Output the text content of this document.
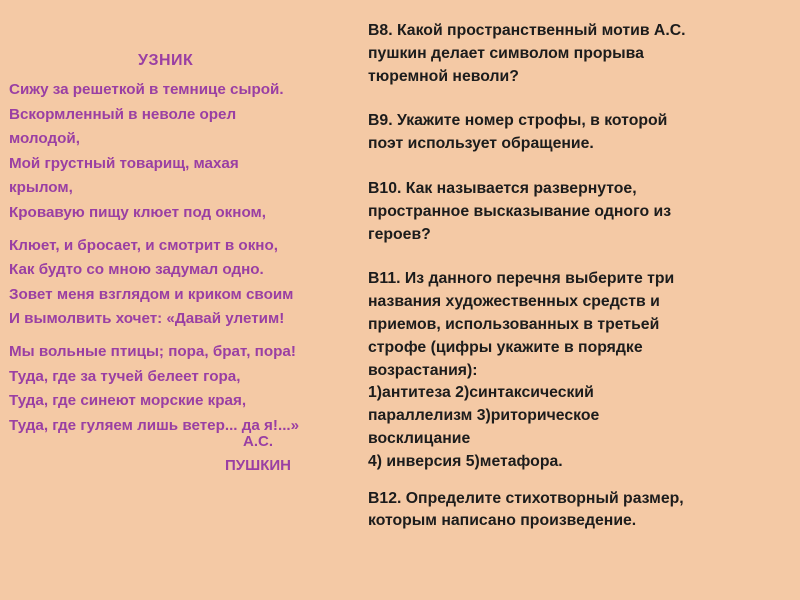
УЗНИК
Сижу за решеткой в темнице сырой.
Вскормленный в неволе орел
молодой,
Мой грустный товарищ, махая
крылом,
Кровавую пищу клюет под окном,
Клюет, и бросает, и смотрит в окно,
Как будто со мною задумал одно.
Зовет меня взглядом и криком своим
И вымолвить хочет: «Давай улетим!
Мы вольные птицы; пора, брат, пора!
Туда, где за тучей белеет гора,
Туда, где синеют морские края,
Туда, где гуляем лишь ветер... да я!...»
А.С.
ПУШКИН
В8. Какой пространственный мотив А.С.
пушкин делает символом прорыва
тюремной неволи?
В9. Укажите номер строфы, в которой
поэт использует обращение.
В10. Как называется развернутое,
пространное высказывание одного из
героев?
В11. Из данного перечня выберите три
названия художественных средств и
приемов, использованных в третьей
строфе (цифры укажите в порядке
возрастания):
1)антитеза 2)синтаксический
параллелизм 3)риторическое
восклицание
4) инверсия 5)метафора.
В12. Определите стихотворный размер,
которым написано произведение.
